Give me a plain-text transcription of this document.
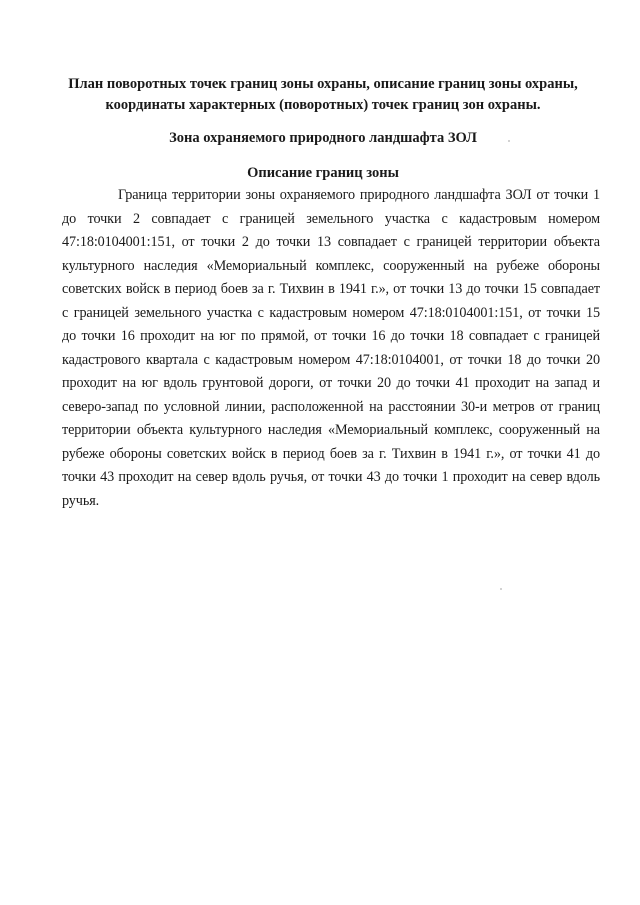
План поворотных точек границ зоны охраны, описание границ зоны охраны, координаты характерных (поворотных) точек границ зон охраны.

Зона охраняемого природного ландшафта ЗОЛ

Описание границ зоны

Граница территории зоны охраняемого природного ландшафта ЗОЛ от точки 1 до точки 2 совпадает с границей земельного участка с кадастровым номером 47:18:0104001:151, от точки 2 до точки 13 совпадает с границей территории объекта культурного наследия «Мемориальный комплекс, сооруженный на рубеже обороны советских войск в период боев за г. Тихвин в 1941 г.», от точки 13 до точки 15 совпадает с границей земельного участка с кадастровым номером 47:18:0104001:151, от точки 15 до точки 16 проходит на юг по прямой, от точки 16 до точки 18 совпадает с границей кадастрового квартала с кадастровым номером 47:18:0104001, от точки 18 до точки 20 проходит на юг вдоль грунтовой дороги, от точки 20 до точки 41 проходит на запад и северо-запад по условной линии, расположенной на расстоянии 30-и метров от границ территории объекта культурного наследия «Мемориальный комплекс, сооруженный на рубеже обороны советских войск в период боев за г. Тихвин в 1941 г.», от точки 41 до точки 43 проходит на север вдоль ручья, от точки 43 до точки 1 проходит на север вдоль ручья.
